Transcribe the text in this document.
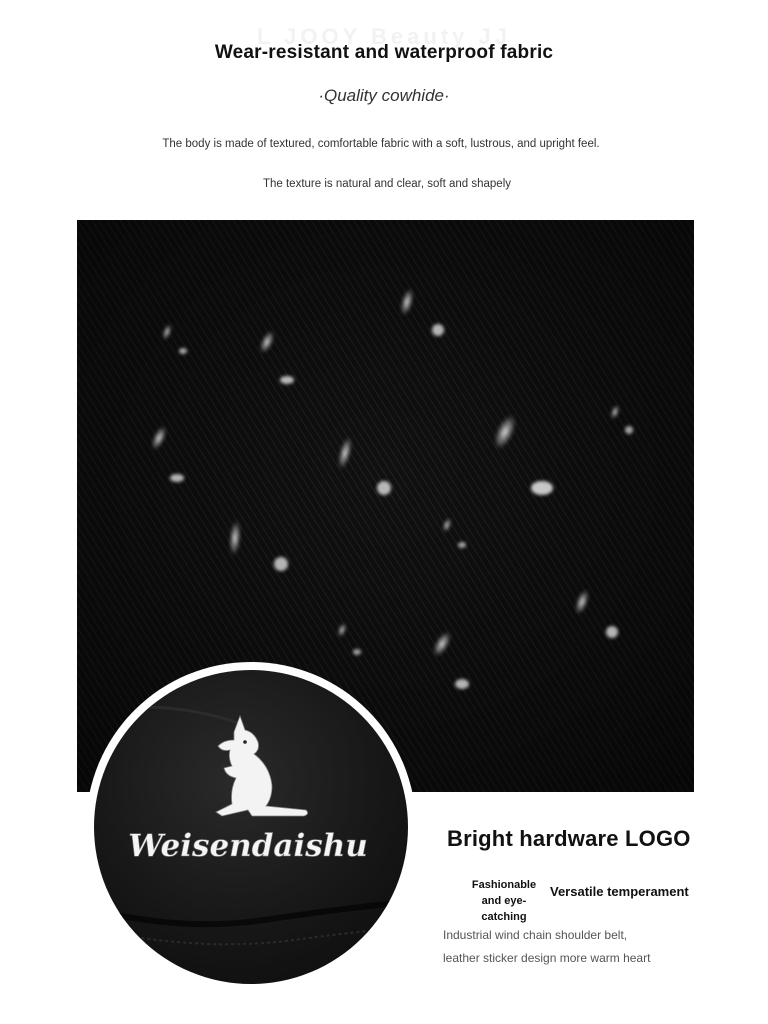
L JOOY Beauty JJ
Wear-resistant and waterproof fabric
·Quality cowhide·
The body is made of textured, comfortable fabric with a soft, lustrous, and upright feel.
The texture is natural and clear, soft and shapely
Weisendaishu	Bright hardware LOGO
Fashionable and eye-catching
Versatile temperament
Industrial wind chain shoulder belt,
leather sticker design more warm heart
